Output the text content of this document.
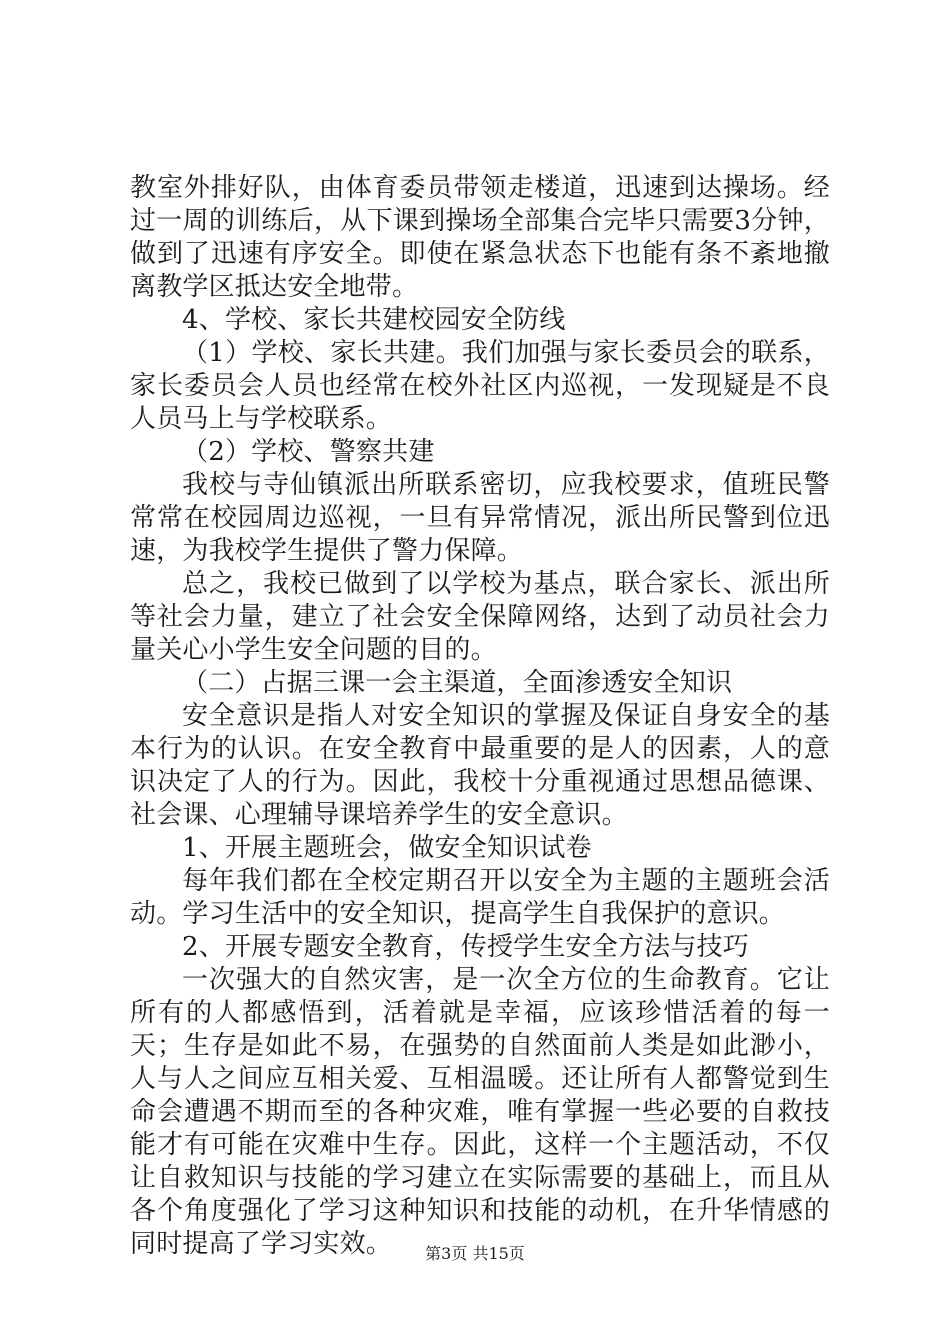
教室外排好队，由体育委员带领走楼道，迅速到达操场。经过一周的训练后，从下课到操场全部集合完毕只需要3分钟，做到了迅速有序安全。即使在紧急状态下也能有条不紊地撤离教学区抵达安全地带。

4、学校、家长共建校园安全防线

（1）学校、家长共建。我们加强与家长委员会的联系，家长委员会人员也经常在校外社区内巡视，一发现疑是不良人员马上与学校联系。

（2）学校、警察共建

我校与寺仙镇派出所联系密切，应我校要求，值班民警常常在校园周边巡视，一旦有异常情况，派出所民警到位迅速，为我校学生提供了警力保障。

总之，我校已做到了以学校为基点，联合家长、派出所等社会力量，建立了社会安全保障网络，达到了动员社会力量关心小学生安全问题的目的。

（二）占据三课一会主渠道，全面渗透安全知识

安全意识是指人对安全知识的掌握及保证自身安全的基本行为的认识。在安全教育中最重要的是人的因素，人的意识决定了人的行为。因此，我校十分重视通过思想品德课、社会课、心理辅导课培养学生的安全意识。

1、开展主题班会，做安全知识试卷

每年我们都在全校定期召开以安全为主题的主题班会活动。学习生活中的安全知识，提高学生自我保护的意识。

2、开展专题安全教育，传授学生安全方法与技巧

一次强大的自然灾害，是一次全方位的生命教育。它让所有的人都感悟到，活着就是幸福，应该珍惜活着的每一天；生存是如此不易，在强势的自然面前人类是如此渺小，人与人之间应互相关爱、互相温暖。还让所有人都警觉到生命会遭遇不期而至的各种灾难，唯有掌握一些必要的自救技能才有可能在灾难中生存。因此，这样一个主题活动，不仅让自救知识与技能的学习建立在实际需要的基础上，而且从各个角度强化了学习这种知识和技能的动机，在升华情感的同时提高了学习实效。	第3页 共15页
